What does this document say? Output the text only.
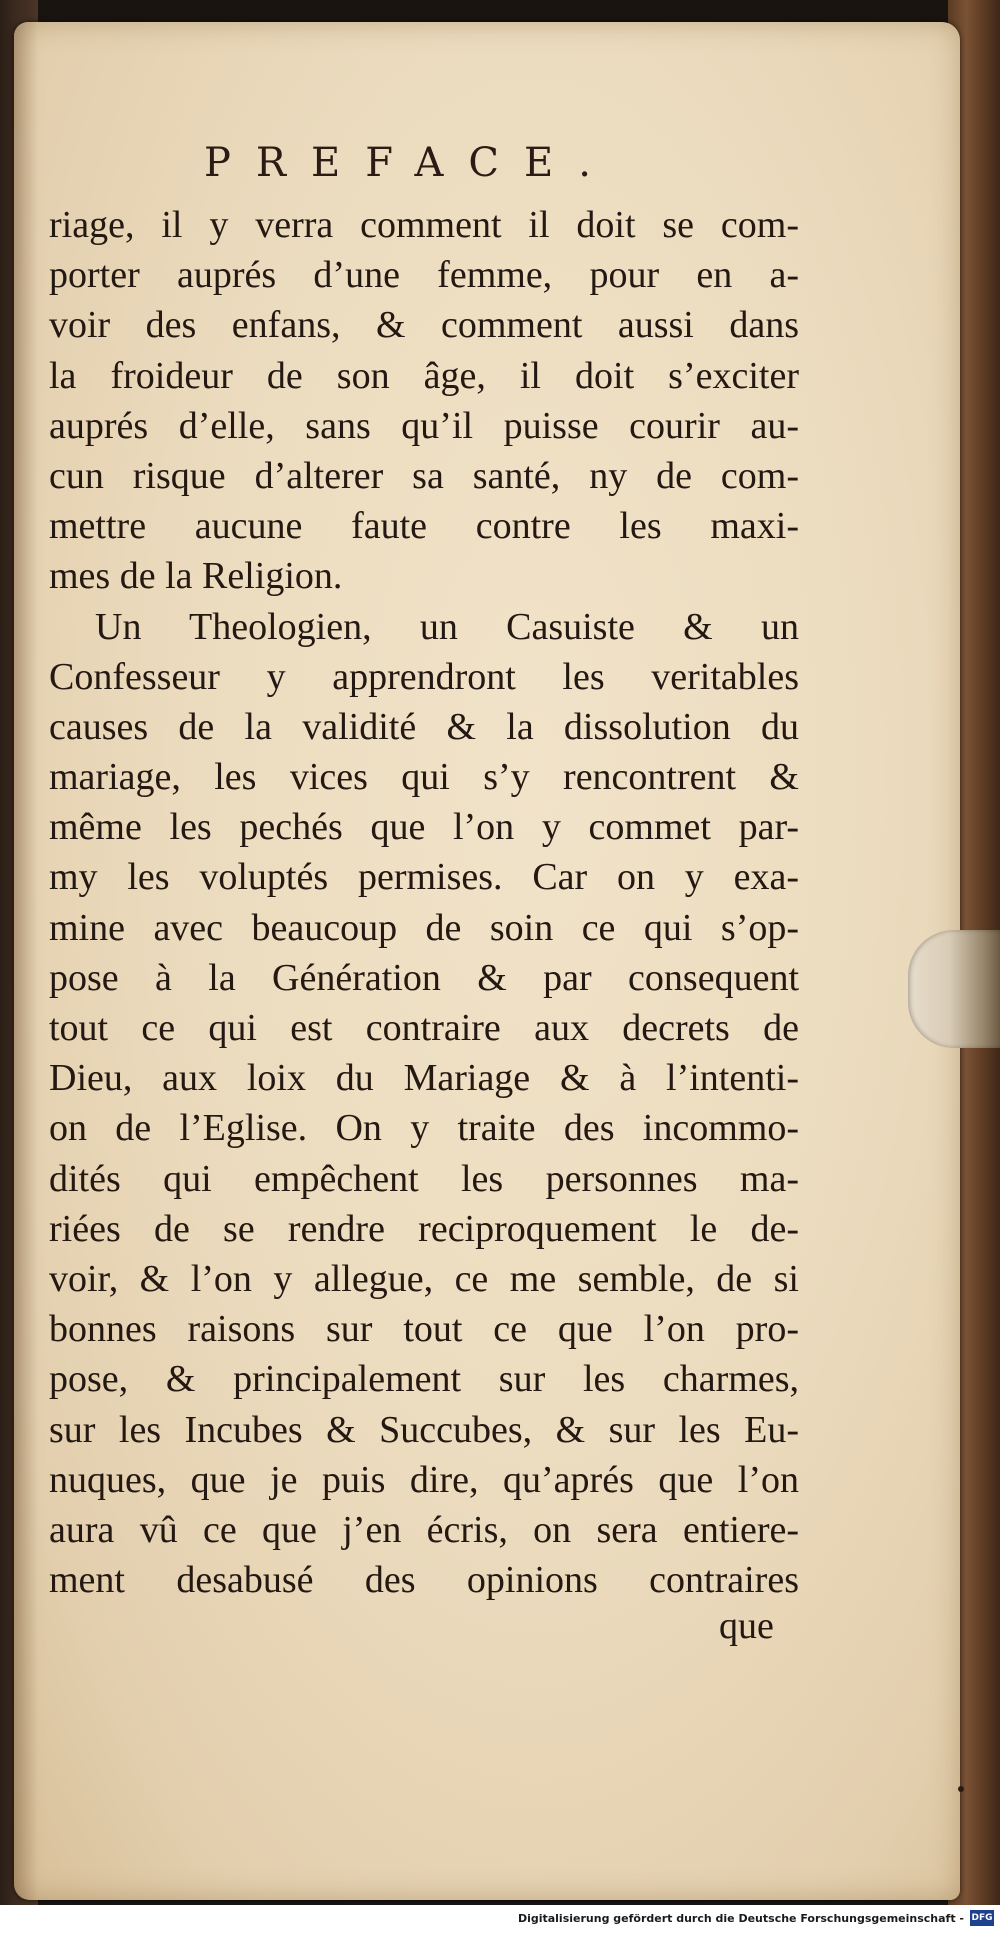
PREFACE.
riage, il y verra comment il doit se com-
porter auprés d’une femme, pour en a-
voir des enfans, & comment aussi dans
la froideur de son âge, il doit s’exciter
auprés d’elle, sans qu’il puisse courir au-
cun risque d’alterer sa santé, ny de com-
mettre aucune faute contre les maxi-
mes de la Religion.
Un Theologien, un Casuiste & un
Confesseur y apprendront les veritables
causes de la validité & la dissolution du
mariage, les vices qui s’y rencontrent &
même les pechés que l’on y commet par-
my les voluptés permises. Car on y exa-
mine avec beaucoup de soin ce qui s’op-
pose à la Génération & par consequent
tout ce qui est contraire aux decrets de
Dieu, aux loix du Mariage & à l’intenti-
on de l’Eglise. On y traite des incommo-
dités qui empêchent les personnes ma-
riées de se rendre reciproquement le de-
voir, & l’on y allegue, ce me semble, de si
bonnes raisons sur tout ce que l’on pro-
pose, & principalement sur les charmes,
sur les Incubes & Succubes, & sur les Eu-
nuques, que je puis dire, qu’aprés que l’on
aura vû ce que j’en écris, on sera entiere-
ment desabusé des opinions contraires
que
Digitalisierung gefördert durch die Deutsche Forschungsgemeinschaft - DFG
